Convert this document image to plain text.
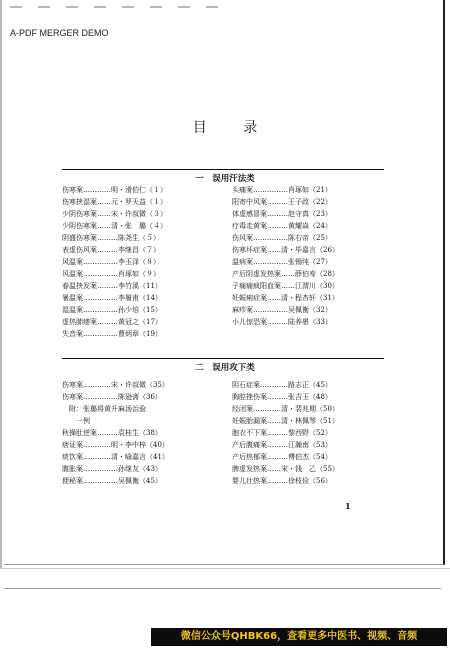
A-PDF MERGER DEMO
目 录
一　误用汗法类
伤寒案…………明・滑伯仁（１）
伤寒挟湿案……元・罗天益（１）
少阴伤寒案……宋・许叔微（３）
少阴伤寒案……清・张　璐（４）
阴盛伤寒案………陈尧生（５）
表虚伤风案………李继昌（７）
风温案……………李玉泽（８）
风温案……………肖琢如（９）
春温挟发案………李竹溪（11）
暑温案……………李履甫（14）
湿温案……………孙少培（15）
虚热肺痿案………黄冠之（17）
失音案……………曹炳章（19）
头痛案……………肖琢如（21）
阳寄中风案………王子政（22）
体虚感冒案………赵守真（23）
疗毒走黄案………黄耀焱（24）
伤风案……………陈右帝（25）
伤寒坏症案……清・毕嘉言（26）
温病案……………张锡纯（27）
产后阴虚发热案……薛伯寿（28）
子痫痫疯阳血案……江渭川（30）
妊娠痢症案……清・程杏轩（31）
麻疹案……………吴佩衡（32）
小儿惊恐案………陆养愚（33）
二　误用攻下类
伤寒案…………宋・许叔微（35）
伤寒案……………陈逊斋（36）
　附：张璐将黄升麻汤治验
　　一例
秋操肚逆案………袁桂生（38）
痞证案…………明・李中梓（40）
痰饮案…………清・喻嘉言（41）
腹胀案……………孙继友（43）
便秘案……………吴佩衡（45）
阴石症案…………路志正（45）
胸腔挫伤案………张吉玉（48）
经闭案…………清・裴兆期（50）
妊娠胎漏案……清・林佩琴（51）
胞衣不下案………黎西野（52）
产后腹痛案………江瀚南（53）
产后热郁案………傅伯杰（54）
脾虚发热案……宋・钱　乙（55）
婴儿壮热案………徐枝俭（56）
1
微信公众号QHBK66，查看更多中医书、视频、音频
